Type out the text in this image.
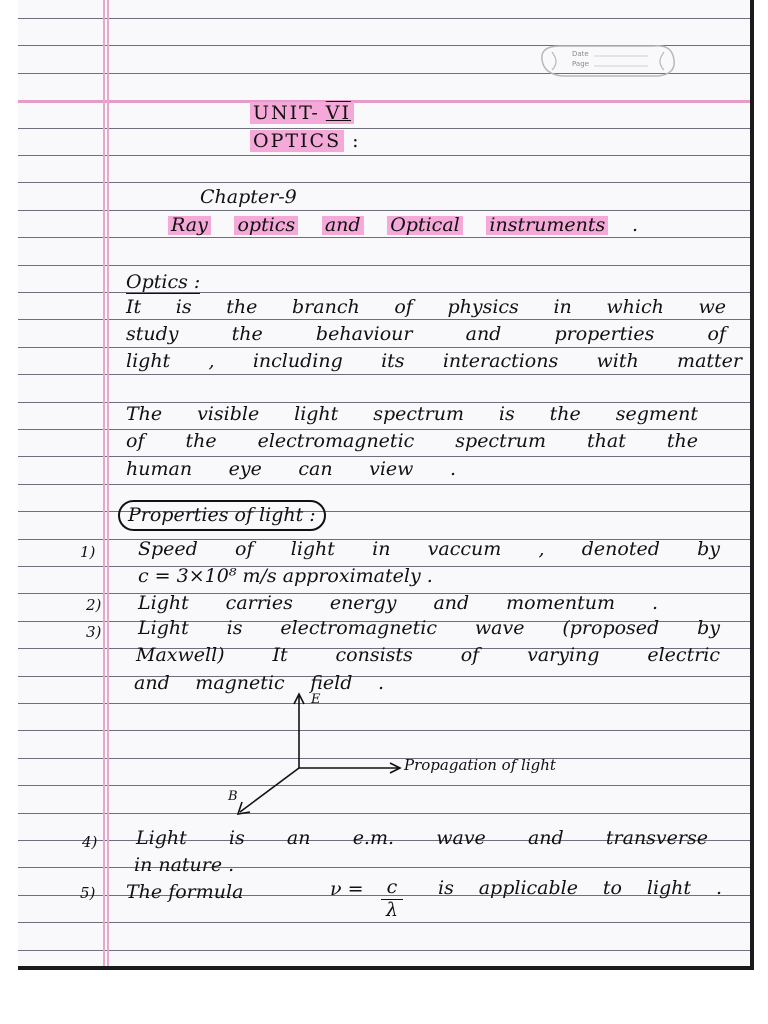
Date
Page
UNIT- VI
OPTICS :
Chapter-9
Ray optics and Optical instruments .
Optics :
It is the branch of physics in which we
study the behaviour and properties of
light , including its interactions with matter
The visible light spectrum is the segment
of the electromagnetic spectrum that the
human eye can view .
Properties of light :
1) Speed of light in vaccum , denoted by
c = 3×10⁸ m/s approximately .
2) Light carries energy and momentum .
3) Light is electromagnetic wave (proposed by
Maxwell) It consists of varying electric
and magnetic field .
E
B
Propagation of light
4) Light is an e.m. wave and transverse
in nature .
5) The formula	ν = c
λ
is applicable to light .
